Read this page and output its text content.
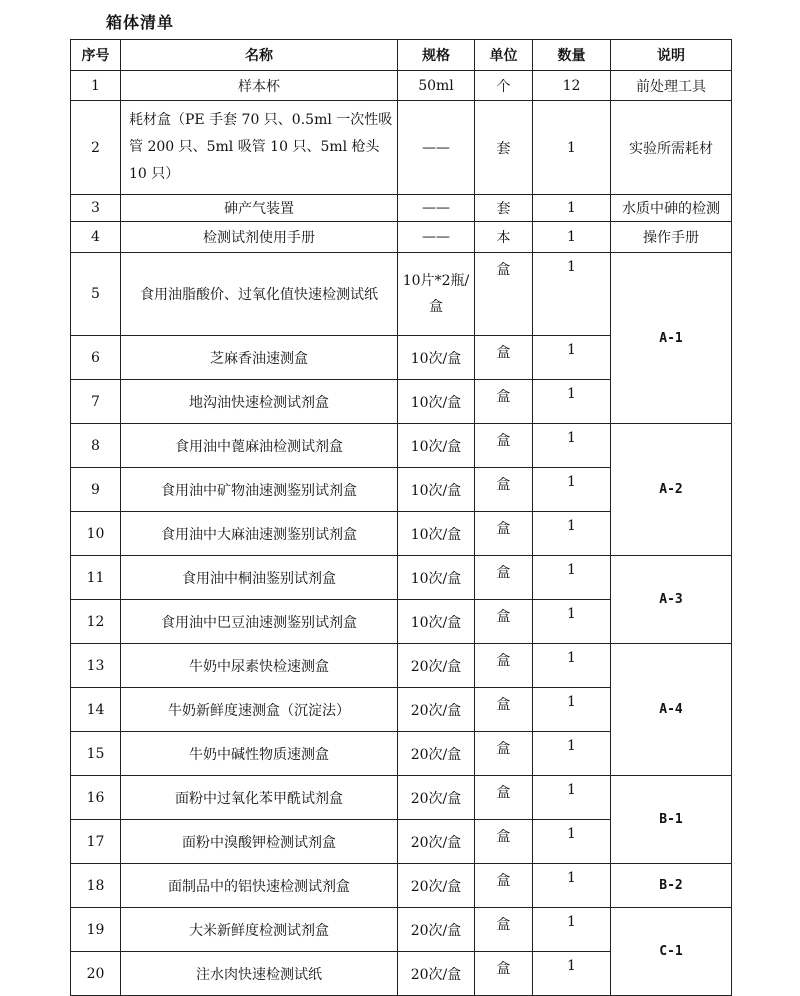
箱体清单
序号	名称	规格	单位	数量	说明
1	样本杯	50ml	个	12	前处理工具
2	耗材盒（PE 手套 70 只、0.5ml 一次性吸管 200 只、5ml 吸管 10 只、5ml 枪头 10 只）	——	套	1	实验所需耗材
3	砷产气装置	——	套	1	水质中砷的检测
4	检测试剂使用手册	——	本	1	操作手册
5	食用油脂酸价、过氧化值快速检测试纸	10片*2瓶/盒	盒	1	A-1
6	芝麻香油速测盒	10次/盒	盒	1	
7	地沟油快速检测试剂盒	10次/盒	盒	1	
8	食用油中蓖麻油检测试剂盒	10次/盒	盒	1	A-2
9	食用油中矿物油速测鉴别试剂盒	10次/盒	盒	1	
10	食用油中大麻油速测鉴别试剂盒	10次/盒	盒	1	
11	食用油中桐油鉴别试剂盒	10次/盒	盒	1	A-3
12	食用油中巴豆油速测鉴别试剂盒	10次/盒	盒	1	
13	牛奶中尿素快检速测盒	20次/盒	盒	1	A-4
14	牛奶新鲜度速测盒（沉淀法）	20次/盒	盒	1	
15	牛奶中碱性物质速测盒	20次/盒	盒	1	
16	面粉中过氧化苯甲酰试剂盒	20次/盒	盒	1	B-1
17	面粉中溴酸钾检测试剂盒	20次/盒	盒	1	
18	面制品中的铝快速检测试剂盒	20次/盒	盒	1	B-2
19	大米新鲜度检测试剂盒	20次/盒	盒	1	C-1
20	注水肉快速检测试纸	20次/盒	盒	1	
